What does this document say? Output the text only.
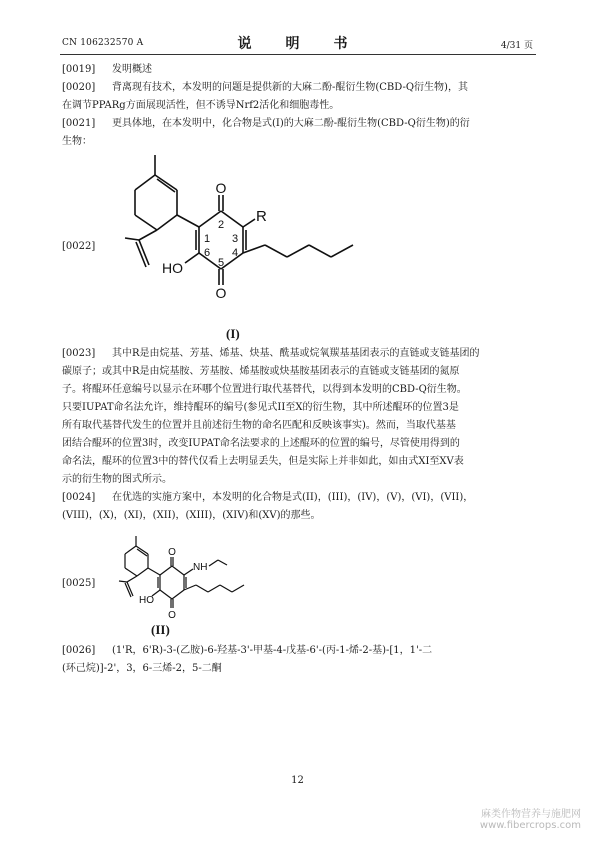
CN 106232570 A	说　明　书	4/31 页
[0019] 发明概述
[0020] 背离现有技术，本发明的问题是提供新的大麻二酚-醌衍生物(CBD-Q衍生物)，其
在调节PPARg方面展现活性，但不诱导Nrf2活化和细胞毒性。
[0021] 更具体地，在本发明中，化合物是式(I)的大麻二酚-醌衍生物(CBD-Q衍生物)的衍
生物：
[0022]
O
O
R
HO
1
2
3
4
5
6
(I)
[0023] 其中R是由烷基、芳基、烯基、炔基、酰基或烷氧羰基基团表示的直链或支链基团的
碳原子；或其中R是由烷基胺、芳基胺、烯基胺或炔基胺基团表示的直链或支链基团的氮原
子。将醌环任意编号以显示在环哪个位置进行取代基替代，以得到本发明的CBD-Q衍生物。
只要IUPAT命名法允许，维持醌环的编号(参见式II至X的衍生物，其中所述醌环的位置3是
所有取代基替代发生的位置并且前述衍生物的命名匹配和反映该事实)。然而，当取代基基
团结合醌环的位置3时，改变IUPAT命名法要求的上述醌环的位置的编号，尽管使用得到的
命名法，醌环的位置3中的替代仅看上去明显丢失，但是实际上并非如此，如由式XI至XV表
示的衍生物的图式所示。
[0024] 在优选的实施方案中，本发明的化合物是式(II)，(III)，(IV)，(V)，(VI)，(VII)，
(VIII)，(X)，(XI)，(XII)，(XIII)，(XIV)和(XV)的那些。
[0025]
O
O
NH
HO
(II)
[0026] (1'R，6'R)-3-(乙胺)-6-羟基-3'-甲基-4-戊基-6'-(丙-1-烯-2-基)-[1，1'-二
(环己烷)]-2'，3，6-三烯-2，5-二酮
12
麻类作物营养与施肥网
www.fibercrops.com
